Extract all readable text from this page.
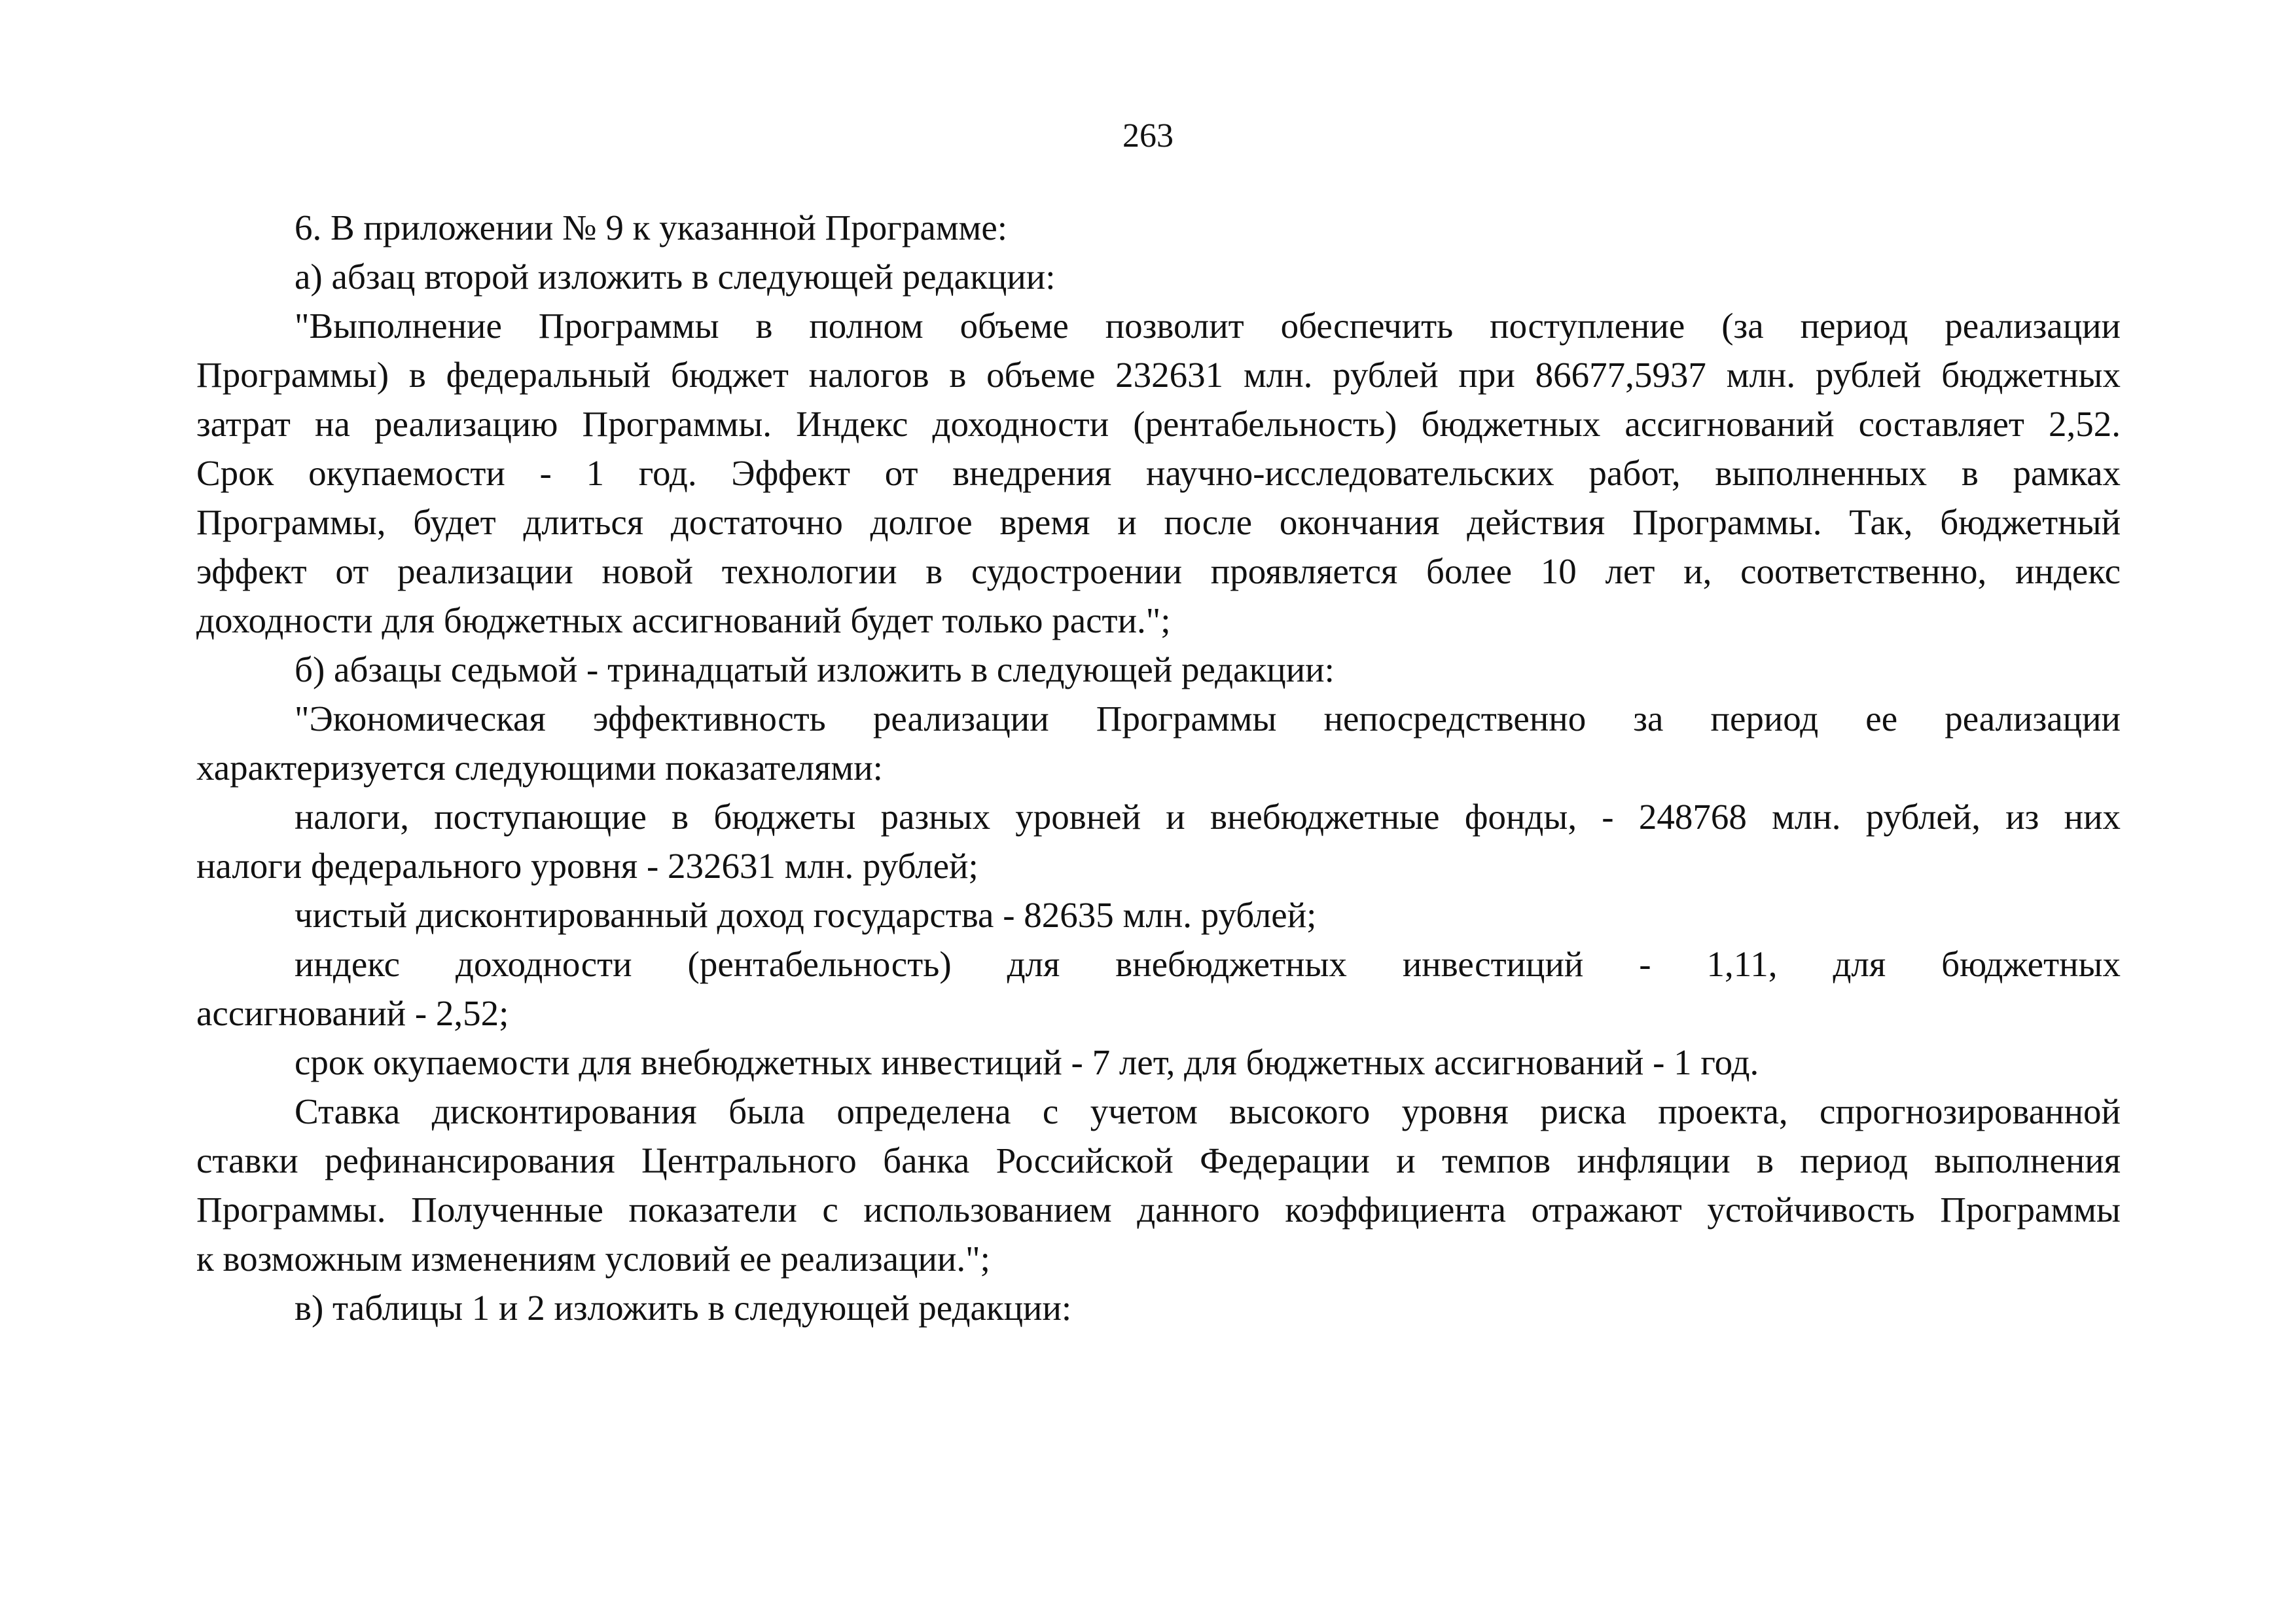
263
6. В приложении № 9 к указанной Программе:
а) абзац второй изложить в следующей редакции:
"Выполнение Программы в полном объеме позволит обеспечить поступление (за период реализации
Программы) в федеральный бюджет налогов в объеме 232631 млн. рублей при 86677,5937 млн. рублей бюджетных
затрат на реализацию Программы. Индекс доходности (рентабельность) бюджетных ассигнований составляет 2,52.
Срок окупаемости - 1 год. Эффект от внедрения научно-исследовательских работ, выполненных в рамках
Программы, будет длиться достаточно долгое время и после окончания действия Программы. Так, бюджетный
эффект от реализации новой технологии в судостроении проявляется более 10 лет и, соответственно, индекс
доходности для бюджетных ассигнований будет только расти.";
б) абзацы седьмой - тринадцатый изложить в следующей редакции:
"Экономическая эффективность реализации Программы непосредственно за период ее реализации
характеризуется следующими показателями:
налоги, поступающие в бюджеты разных уровней и внебюджетные фонды, - 248768 млн. рублей, из них
налоги федерального уровня - 232631 млн. рублей;
чистый дисконтированный доход государства - 82635 млн. рублей;
индекс доходности (рентабельность) для внебюджетных инвестиций - 1,11, для бюджетных
ассигнований - 2,52;
срок окупаемости для внебюджетных инвестиций - 7 лет, для бюджетных ассигнований - 1 год.
Ставка дисконтирования была определена с учетом высокого уровня риска проекта, спрогнозированной
ставки рефинансирования Центрального банка Российской Федерации и темпов инфляции в период выполнения
Программы. Полученные показатели с использованием данного коэффициента отражают устойчивость Программы
к возможным изменениям условий ее реализации.";
в) таблицы 1 и 2 изложить в следующей редакции:
